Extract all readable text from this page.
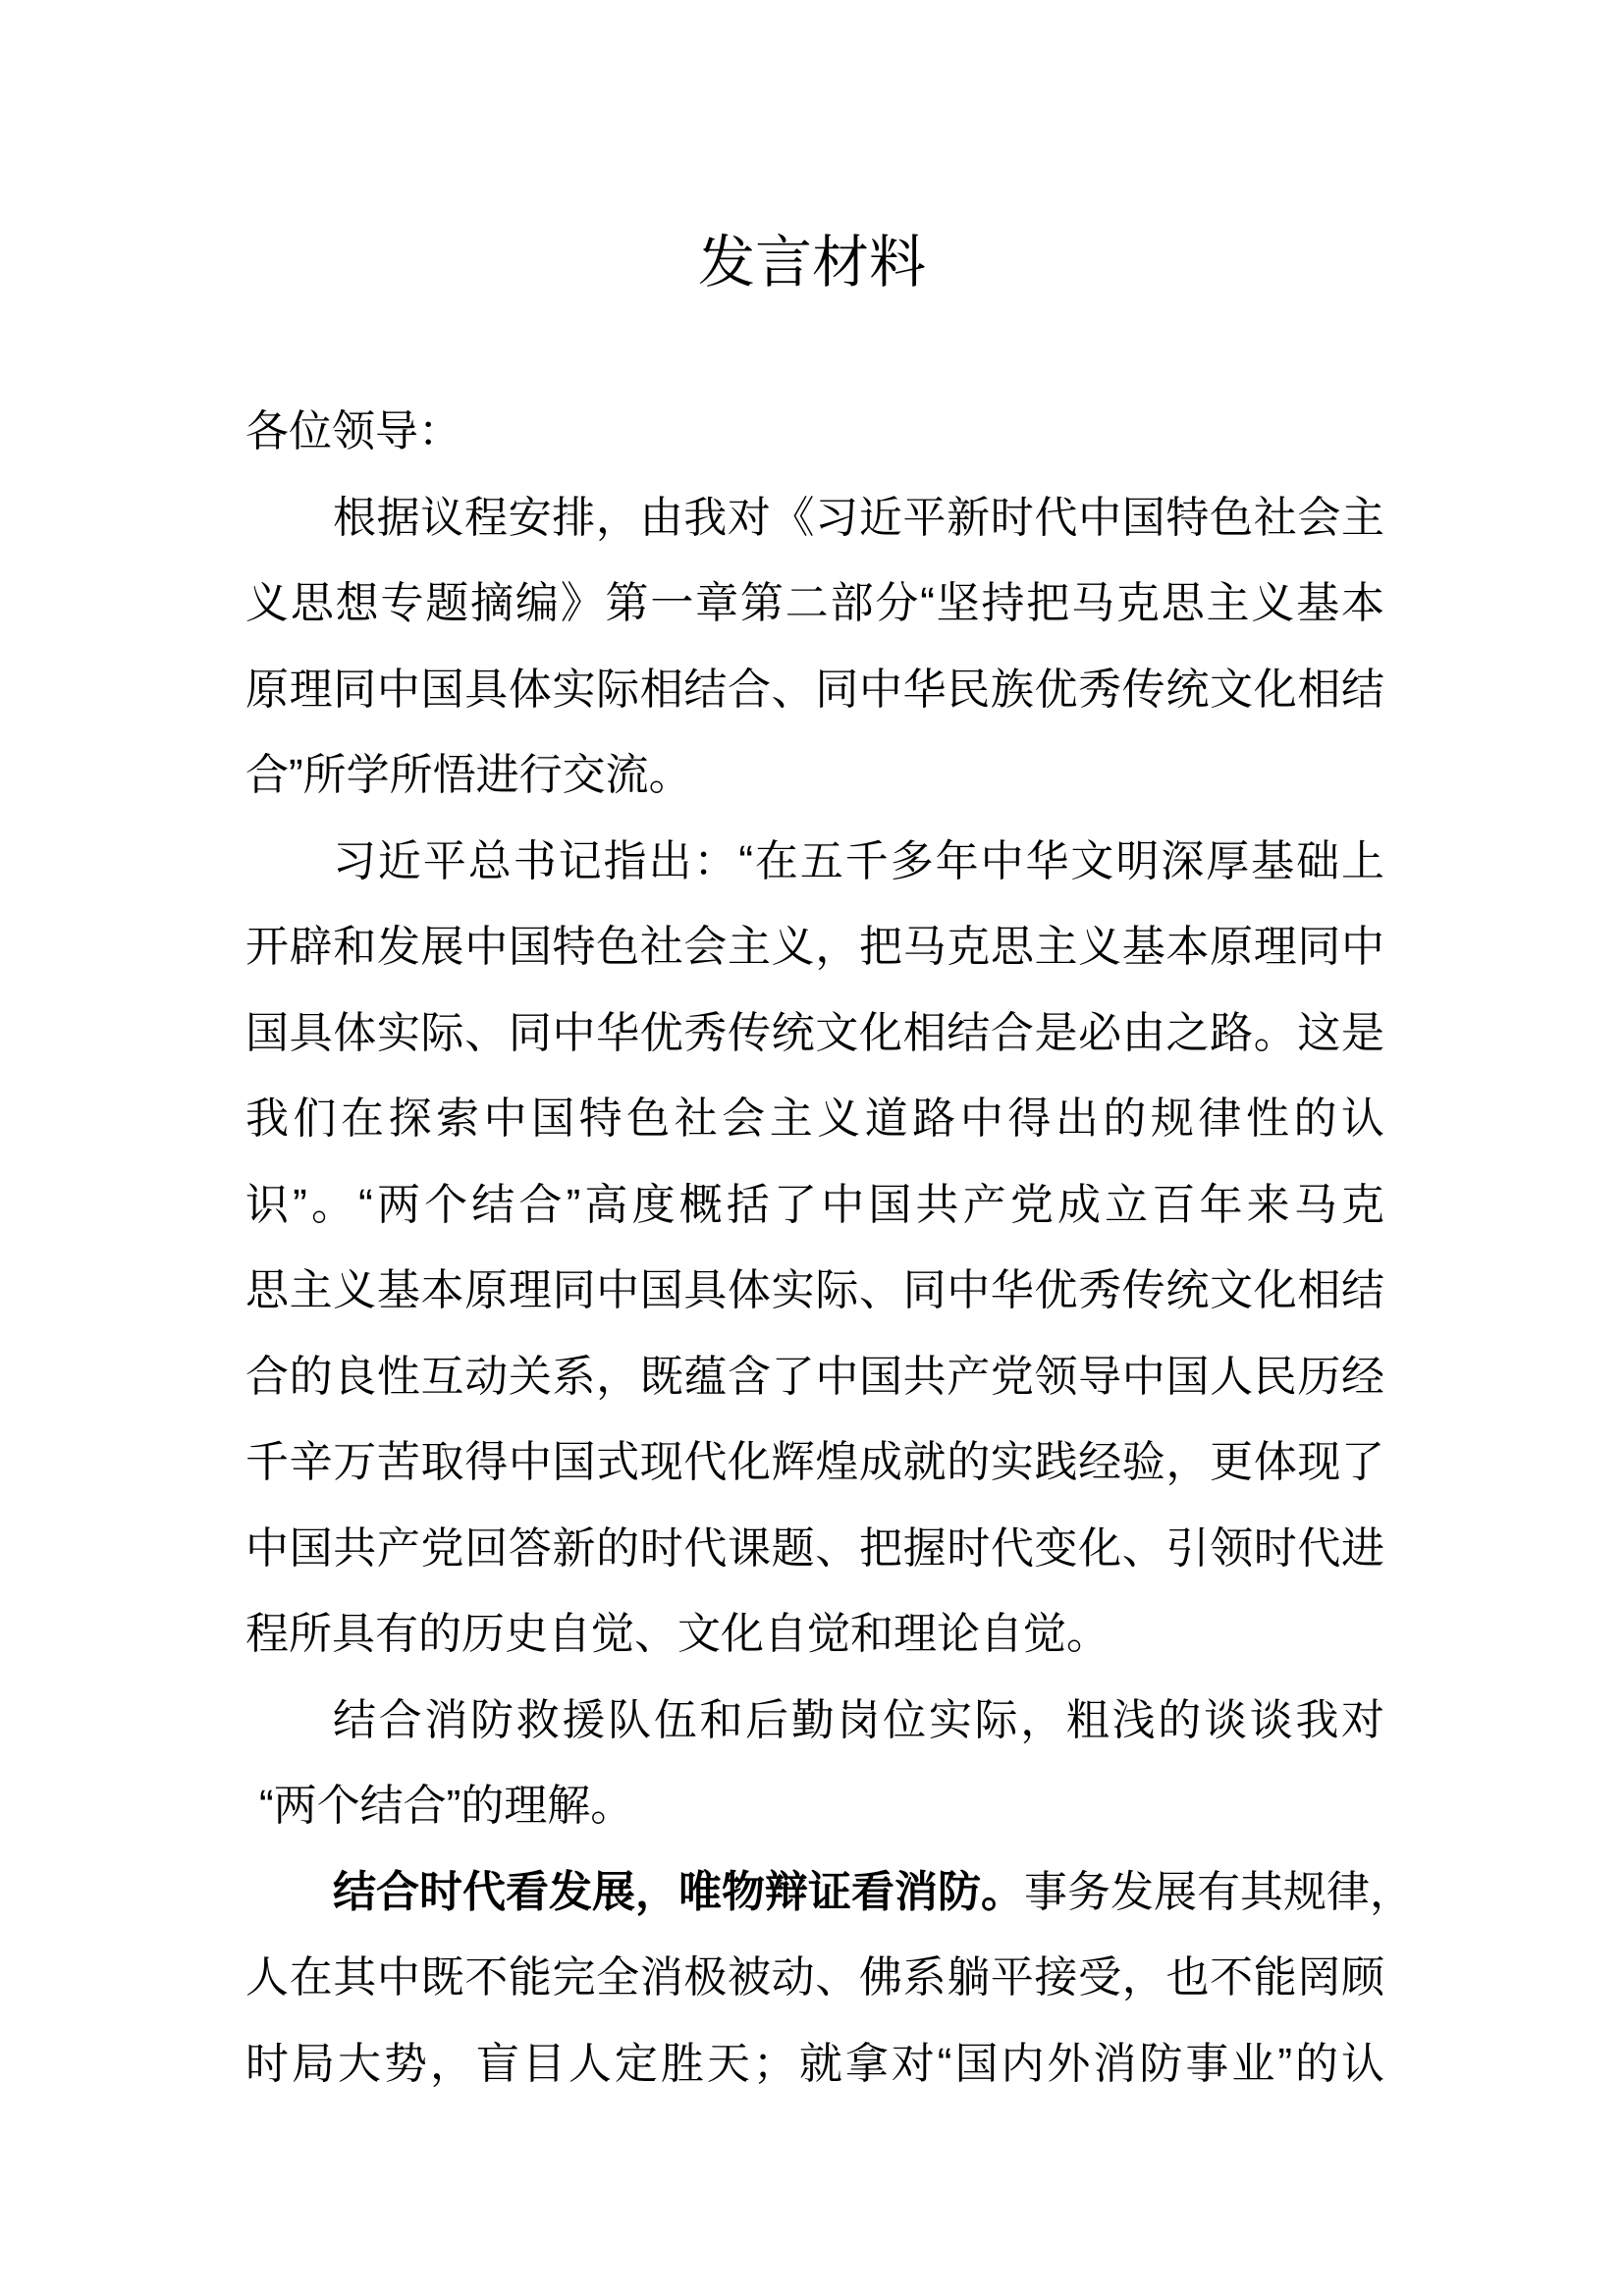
发言材料
各位领导：
根据议程安排，由我对《习近平新时代中国特色社会主
义思想专题摘编》第一章第二部分“坚持把马克思主义基本
原理同中国具体实际相结合、同中华民族优秀传统文化相结
合”所学所悟进行交流。
习近平总书记指出：“在五千多年中华文明深厚基础上
开辟和发展中国特色社会主义，把马克思主义基本原理同中
国具体实际、同中华优秀传统文化相结合是必由之路。这是
我们在探索中国特色社会主义道路中得出的规律性的认
识”。“两个结合”高度概括了中国共产党成立百年来马克
思主义基本原理同中国具体实际、同中华优秀传统文化相结
合的良性互动关系，既蕴含了中国共产党领导中国人民历经
千辛万苦取得中国式现代化辉煌成就的实践经验，更体现了
中国共产党回答新的时代课题、把握时代变化、引领时代进
程所具有的历史自觉、文化自觉和理论自觉。
结合消防救援队伍和后勤岗位实际，粗浅的谈谈我对
“两个结合”的理解。
结合时代看发展，唯物辩证看消防。事务发展有其规律，
人在其中既不能完全消极被动、佛系躺平接受，也不能罔顾
时局大势，盲目人定胜天；就拿对“国内外消防事业”的认
